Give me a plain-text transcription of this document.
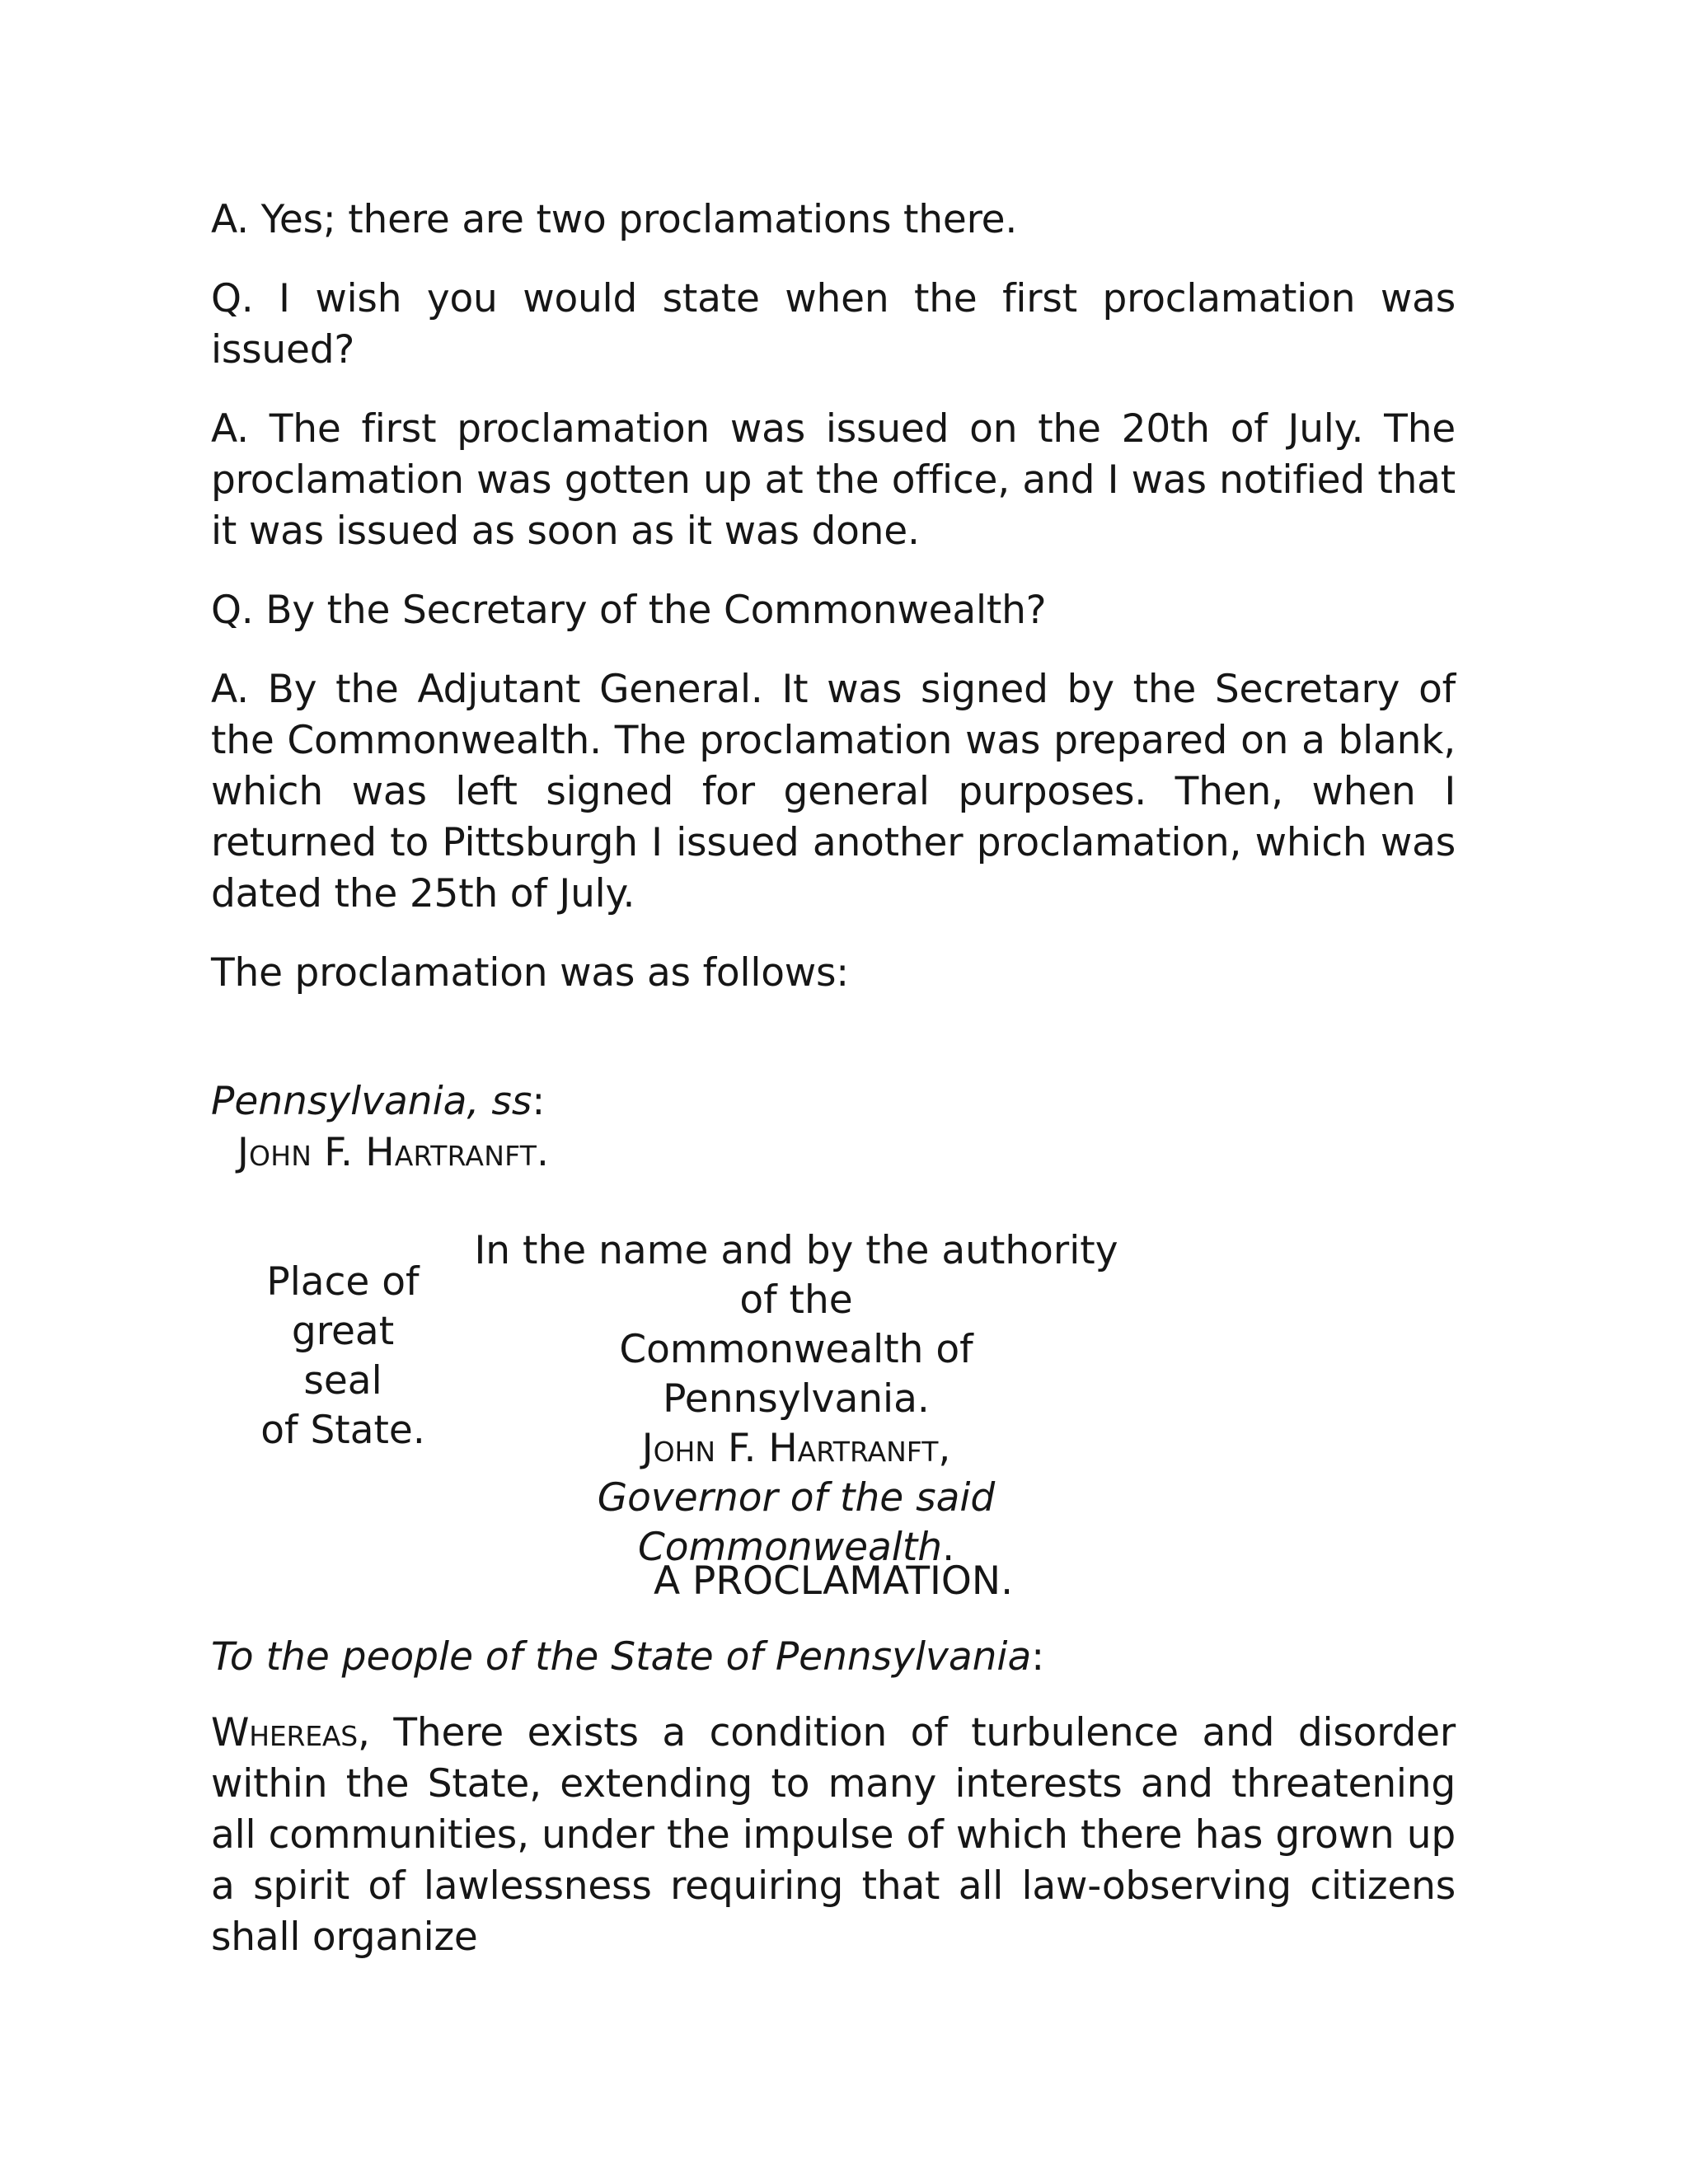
A. Yes; there are two proclamations there.

Q. I wish you would state when the first proclamation was issued?

A. The first proclamation was issued on the 20th of July. The proclamation was gotten up at the office, and I was notified that it was issued as soon as it was done.

Q. By the Secretary of the Commonwealth?

A. By the Adjutant General. It was signed by the Secretary of the Commonwealth. The proclamation was prepared on a blank, which was left signed for general purposes. Then, when I returned to Pittsburgh I issued another proclamation, which was dated the 25th of July.

The proclamation was as follows:

Pennsylvania, ss:

John F. Hartranft.

Place of
great
seal
of State.
In the name and by the authority of the
Commonwealth of
Pennsylvania.
John F. Hartranft,
Governor of the said Commonwealth.

A PROCLAMATION.

To the people of the State of Pennsylvania:

Whereas, There exists a condition of turbulence and disorder within the State, extending to many interests and threatening all communities, under the impulse of which there has grown up a spirit of lawlessness requiring that all law-observing citizens shall organize
